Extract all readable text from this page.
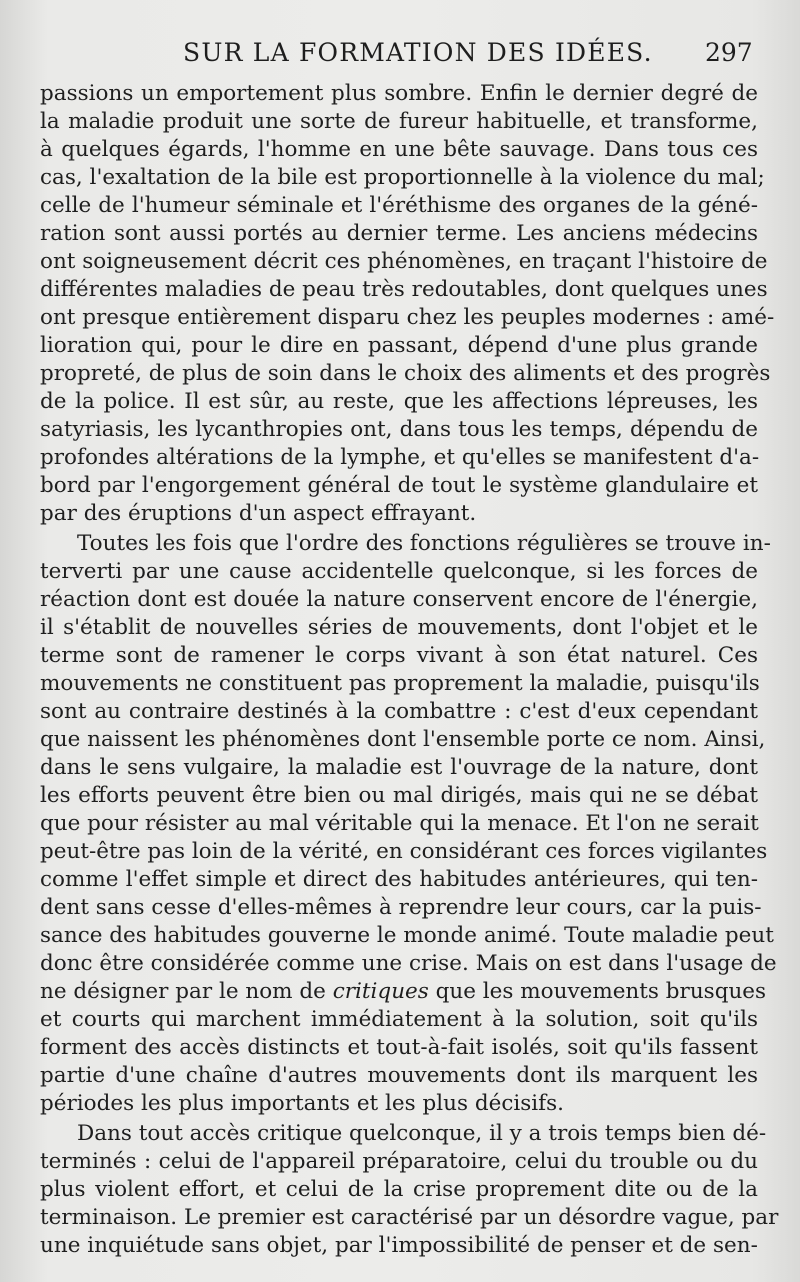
SUR LA FORMATION DES IDÉES. 297
passions un emportement plus sombre. Enfin le dernier degré de
la maladie produit une sorte de fureur habituelle, et transforme,
à quelques égards, l'homme en une bête sauvage. Dans tous ces
cas, l'exaltation de la bile est proportionnelle à la violence du mal;
celle de l'humeur séminale et l'éréthisme des organes de la géné-
ration sont aussi portés au dernier terme. Les anciens médecins
ont soigneusement décrit ces phénomènes, en traçant l'histoire de
différentes maladies de peau très redoutables, dont quelques unes
ont presque entièrement disparu chez les peuples modernes : amé-
lioration qui, pour le dire en passant, dépend d'une plus grande
propreté, de plus de soin dans le choix des aliments et des progrès
de la police. Il est sûr, au reste, que les affections lépreuses, les
satyriasis, les lycanthropies ont, dans tous les temps, dépendu de
profondes altérations de la lymphe, et qu'elles se manifestent d'a-
bord par l'engorgement général de tout le système glandulaire et
par des éruptions d'un aspect effrayant.
Toutes les fois que l'ordre des fonctions régulières se trouve in-
terverti par une cause accidentelle quelconque, si les forces de
réaction dont est douée la nature conservent encore de l'énergie,
il s'établit de nouvelles séries de mouvements, dont l'objet et le
terme sont de ramener le corps vivant à son état naturel. Ces
mouvements ne constituent pas proprement la maladie, puisqu'ils
sont au contraire destinés à la combattre : c'est d'eux cependant
que naissent les phénomènes dont l'ensemble porte ce nom. Ainsi,
dans le sens vulgaire, la maladie est l'ouvrage de la nature, dont
les efforts peuvent être bien ou mal dirigés, mais qui ne se débat
que pour résister au mal véritable qui la menace. Et l'on ne serait
peut-être pas loin de la vérité, en considérant ces forces vigilantes
comme l'effet simple et direct des habitudes antérieures, qui ten-
dent sans cesse d'elles-mêmes à reprendre leur cours, car la puis-
sance des habitudes gouverne le monde animé. Toute maladie peut
donc être considérée comme une crise. Mais on est dans l'usage de
ne désigner par le nom de critiques que les mouvements brusques
et courts qui marchent immédiatement à la solution, soit qu'ils
forment des accès distincts et tout-à-fait isolés, soit qu'ils fassent
partie d'une chaîne d'autres mouvements dont ils marquent les
périodes les plus importants et les plus décisifs.
Dans tout accès critique quelconque, il y a trois temps bien dé-
terminés : celui de l'appareil préparatoire, celui du trouble ou du
plus violent effort, et celui de la crise proprement dite ou de la
terminaison. Le premier est caractérisé par un désordre vague, par
une inquiétude sans objet, par l'impossibilité de penser et de sen-
